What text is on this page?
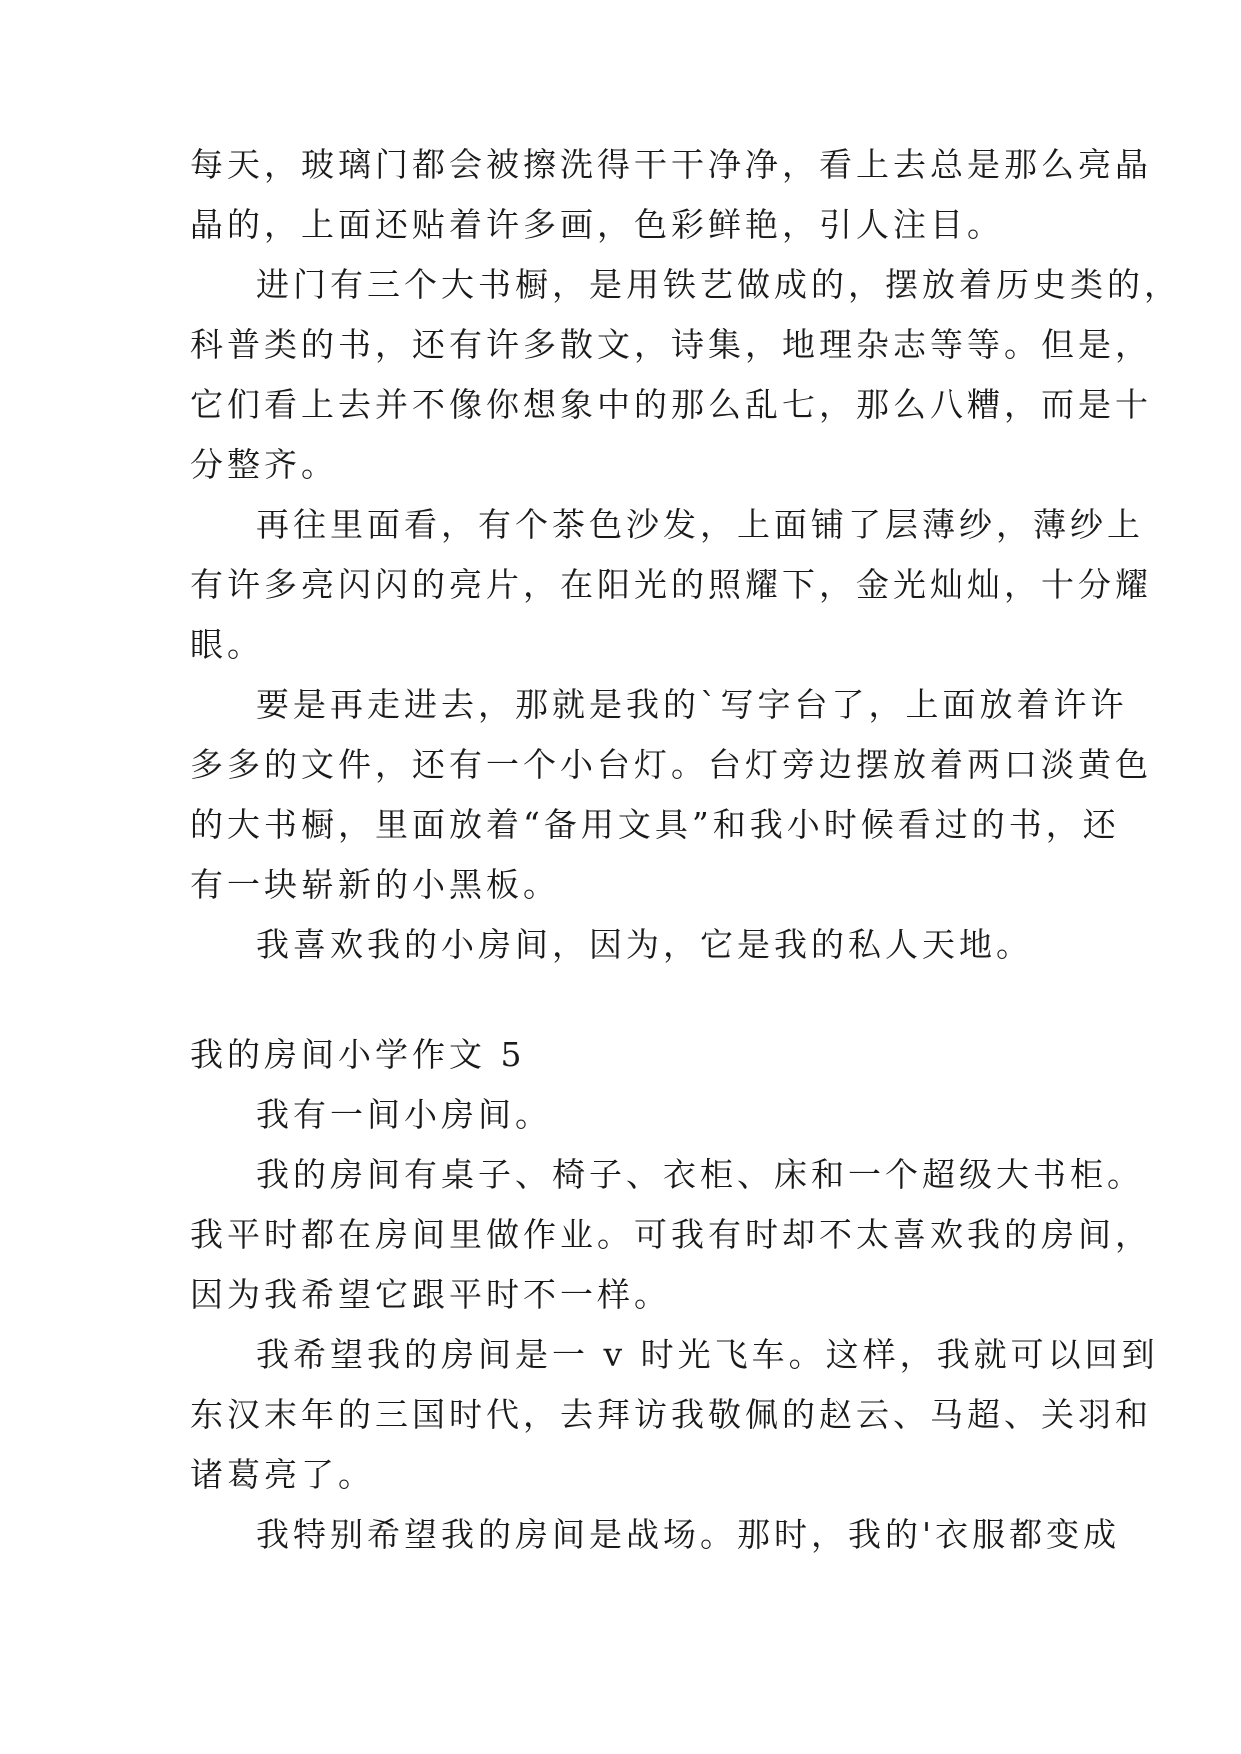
每天，玻璃门都会被擦洗得干干净净，看上去总是那么亮晶
晶的，上面还贴着许多画，色彩鲜艳，引人注目。
进门有三个大书橱，是用铁艺做成的，摆放着历史类的，
科普类的书，还有许多散文，诗集，地理杂志等等。但是，
它们看上去并不像你想象中的那么乱七，那么八糟，而是十
分整齐。
再往里面看，有个茶色沙发，上面铺了层薄纱，薄纱上
有许多亮闪闪的亮片，在阳光的照耀下，金光灿灿，十分耀
眼。
要是再走进去，那就是我的`写字台了，上面放着许许
多多的文件，还有一个小台灯。台灯旁边摆放着两口淡黄色
的大书橱，里面放着“备用文具”和我小时候看过的书，还
有一块崭新的小黑板。
我喜欢我的小房间，因为，它是我的私人天地。
我的房间小学作文 5
我有一间小房间。
我的房间有桌子、椅子、衣柜、床和一个超级大书柜。
我平时都在房间里做作业。可我有时却不太喜欢我的房间，
因为我希望它跟平时不一样。
我希望我的房间是一 v 时光飞车。这样，我就可以回到
东汉末年的三国时代，去拜访我敬佩的赵云、马超、关羽和
诸葛亮了。
我特别希望我的房间是战场。那时，我的'衣服都变成
